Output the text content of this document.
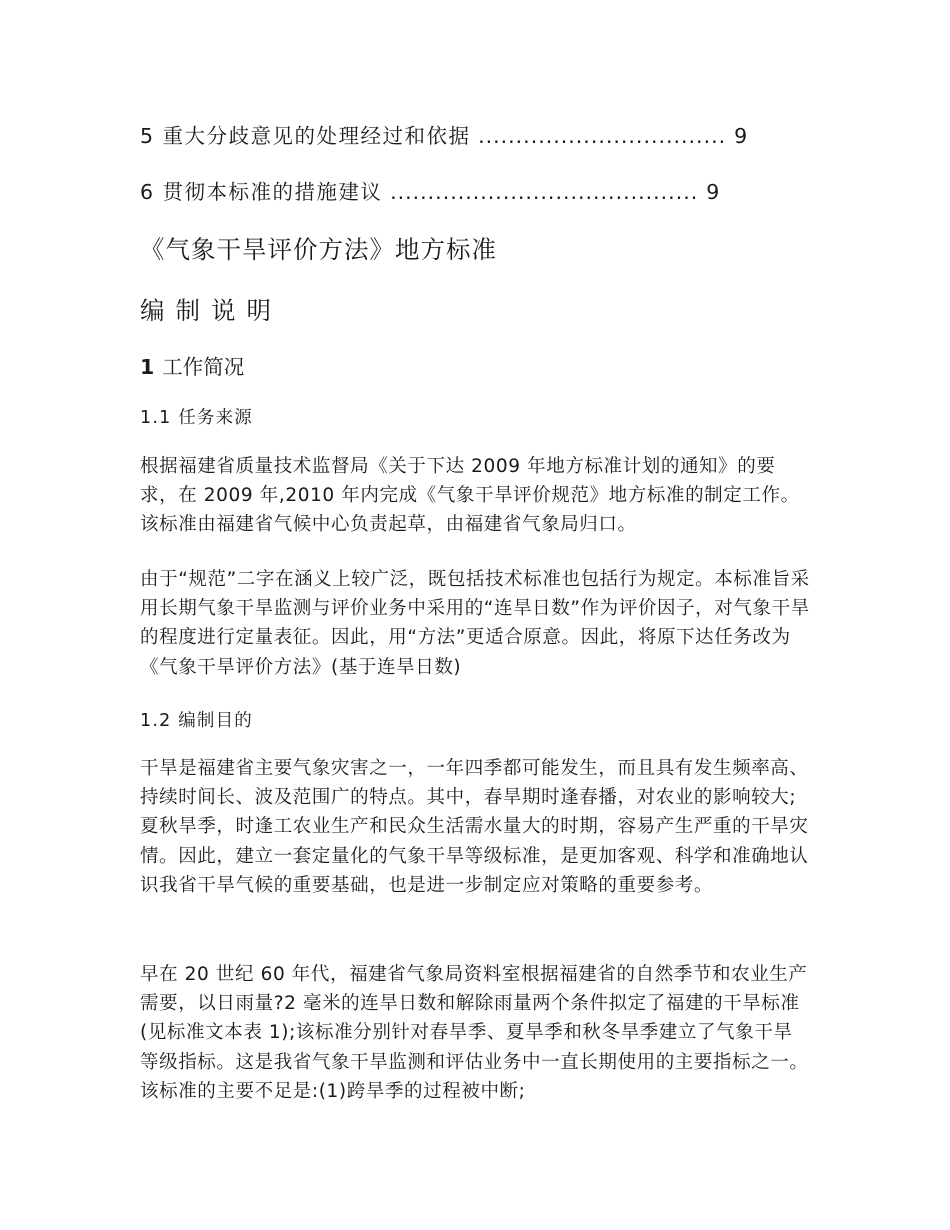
5 重大分歧意见的处理经过和依据 ................................. 9
6 贯彻本标准的措施建议 ......................................... 9
《气象干旱评价方法》地方标准
编制说明
1 工作简况
1.1 任务来源

根据福建省质量技术监督局《关于下达 2009 年地方标准计划的通知》的要求，在 2009 年,2010 年内完成《气象干旱评价规范》地方标准的制定工作。该标准由福建省气候中心负责起草，由福建省气象局归口。

由于“规范”二字在涵义上较广泛，既包括技术标准也包括行为规定。本标准旨采用长期气象干旱监测与评价业务中采用的“连旱日数”作为评价因子，对气象干旱的程度进行定量表征。因此，用“方法”更适合原意。因此，将原下达任务改为《气象干旱评价方法》(基于连旱日数)

1.2 编制目的

干旱是福建省主要气象灾害之一，一年四季都可能发生，而且具有发生频率高、持续时间长、波及范围广的特点。其中，春旱期时逢春播，对农业的影响较大;夏秋旱季，时逢工农业生产和民众生活需水量大的时期，容易产生严重的干旱灾情。因此，建立一套定量化的气象干旱等级标准，是更加客观、科学和准确地认识我省干旱气候的重要基础，也是进一步制定应对策略的重要参考。

早在 20 世纪 60 年代，福建省气象局资料室根据福建省的自然季节和农业生产需要，以日雨量?2 毫米的连旱日数和解除雨量两个条件拟定了福建的干旱标准(见标准文本表 1);该标准分别针对春旱季、夏旱季和秋冬旱季建立了气象干旱等级指标。这是我省气象干旱监测和评估业务中一直长期使用的主要指标之一。该标准的主要不足是:(1)跨旱季的过程被中断;
